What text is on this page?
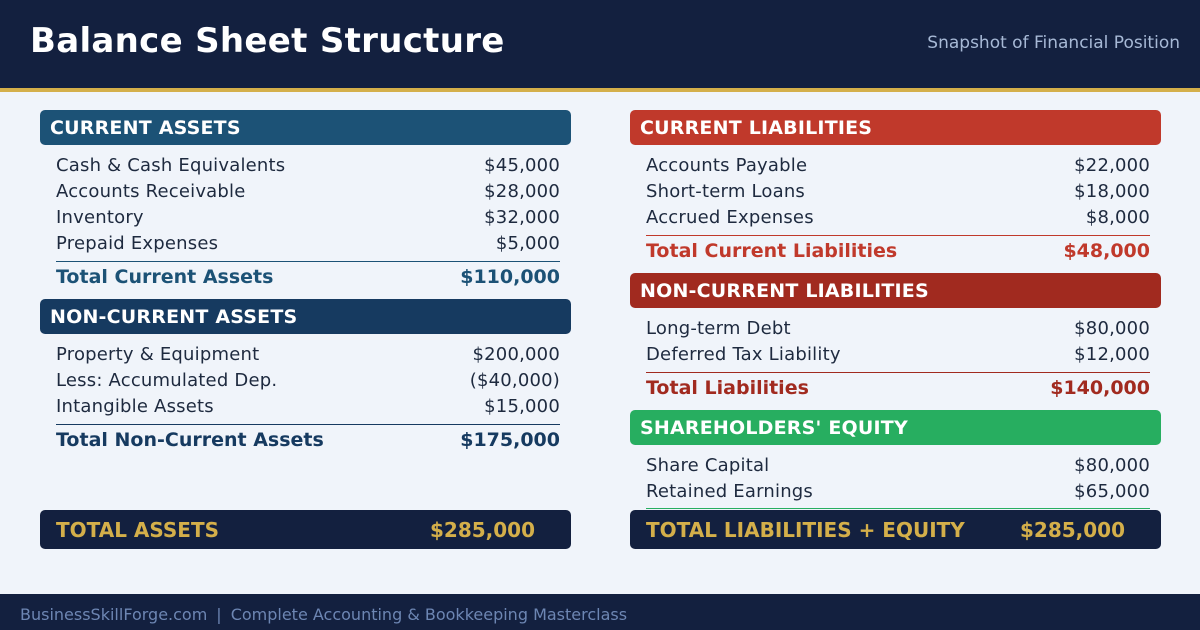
Balance Sheet Structure	Snapshot of Financial Position
CURRENT ASSETS
Cash & Cash Equivalents	$45,000
Accounts Receivable	$28,000
Inventory	$32,000
Prepaid Expenses	$5,000
Total Current Assets	$110,000
NON-CURRENT ASSETS
Property & Equipment	$200,000
Less: Accumulated Dep.	($40,000)
Intangible Assets	$15,000
Total Non-Current Assets	$175,000
TOTAL ASSETS	$285,000
CURRENT LIABILITIES
Accounts Payable	$22,000
Short-term Loans	$18,000
Accrued Expenses	$8,000
Total Current Liabilities	$48,000
NON-CURRENT LIABILITIES
Long-term Debt	$80,000
Deferred Tax Liability	$12,000
Total Liabilities	$140,000
SHAREHOLDERS' EQUITY
Share Capital	$80,000
Retained Earnings	$65,000
TOTAL LIABILITIES + EQUITY	$285,000
BusinessSkillForge.com | Complete Accounting & Bookkeeping Masterclass
